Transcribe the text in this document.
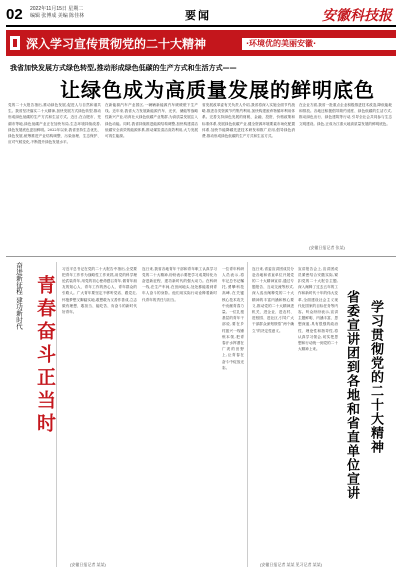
02 2022年11月15日 星期二
编辑 张博成 美编 陈佳林	要闻	安徽科技报
深入学习宣传贯彻党的二十大精神	·环境优的美丽安徽·
我省加快发展方式绿色转型,推动形成绿色低碳的生产方式和生活方式——
让绿色成为高质量发展的鲜明底色

党的二十大报告指出,推动绿色发展,促进人与自然和谐共生。我省坚决落实二十大精神,加快发展方式绿色转型,推动形成绿色低碳的生产方式和生活方式。近日,在合肥市、芜湖市等地,绿色低碳产业正在加快布局,生态环境持续改善,绿色发展底色更加鲜明。2022年以来,我省坚持生态优先、绿色发展,统筹推进产业结构调整、污染治理、生态保护、应对气候变化,不断提升绿色发展水平。

在新能源汽车产业园区,一辆辆新能源汽车缓缓驶下生产线。近年来,我省大力发展新能源汽车、光伏、储能等战略性新兴产业,培育壮大绿色低碳产业集群,为高质量发展注入绿色动能。同时,我省持续推进能源结构调整,加快构建清洁低碳安全高效的能源体系,推动煤炭清洁高效利用,大力发展可再生能源。

省发展改革委有关负责人介绍,我省将深入实施全面节约战略,推进各类资源节约集约利用,加快构建废弃物循环利用体系。完善支持绿色发展的财税、金融、投资、价格政策和标准体系,发展绿色低碳产业,健全资源环境要素市场化配置体系,加快节能降碳先进技术研发和推广应用,倡导绿色消费,推动形成绿色低碳的生产方式和生活方式。

在企业方面,我省一批重点企业积极推进技术改造,降低能耗和排放。各地还积极倡导简约适度、绿色低碳的生活方式,推动绿色出行、绿色建筑等行动,引导全社会共同参与生态文明建设。绿色,正成为江淮大地高质量发展的鲜明底色。

(安徽日报记者 张某)
奋进新征程 建功新时代 青春奋斗正当时

习近平总书记在党的二十大报告中指出,全党要把青年工作作为战略性工作来抓,用党的科学理论武装青年,用党的初心使命感召青年,做青年朋友的知心人、青年工作的热心人、青年群众的引路人。广大青年要坚定不移听党话、跟党走,怀抱梦想又脚踏实地,敢想敢为又善作善成,立志做有理想、敢担当、能吃苦、肯奋斗的新时代好青年。

连日来,我省各地青年干部和青年职工认真学习党的二十大精神,纷纷表示要把学习成果转化为奋进新征程、建功新时代的强大动力。在科研一线,在生产车间,在田间地头,处处都能看到青年人奋斗的身影。他们用实际行动诠释着新时代青年的责任与担当。

一位青年科研人员表示,将牢记总书记嘱托,勇攀科技高峰,在关键核心技术攻关中贡献青春力量。一位扎根基层的青年干部说,要在乡村振兴一线锤炼本领,把青春汗水挥洒在广袤的田野上,让青春在奋斗中绽放光彩。

(安徽日报记者 某某)

连日来,省委宣讲团成员分赴各地和省直单位开展党的二十大精神宣讲,通过专题报告、互动交流等形式,深入浅出阐释党的二十大精神的丰富内涵和核心要义,推动党的二十大精神进机关、进企业、进农村、进校园、进社区,引导广大干部群众深刻领悟“两个确立”的决定性意义。

宣讲报告会上,宣讲团成员紧密结合安徽实际,紧扣党的二十大报告主题,深入阐释了过去五年的工作和新时代十年的伟大变革,全面建设社会主义现代化国家的目标任务等内容。听众纷纷表示,宣讲主题鲜明、内涵丰富、思想深邃,具有很强的政治性、理论性和指导性,将认真学习领会,切实把思想和行动统一到党的二十大精神上来。	学习贯彻党的二十大精神
省委宣讲团到各地和省直单位宣讲
(安徽日报记者 某某 见习记者 某某)
